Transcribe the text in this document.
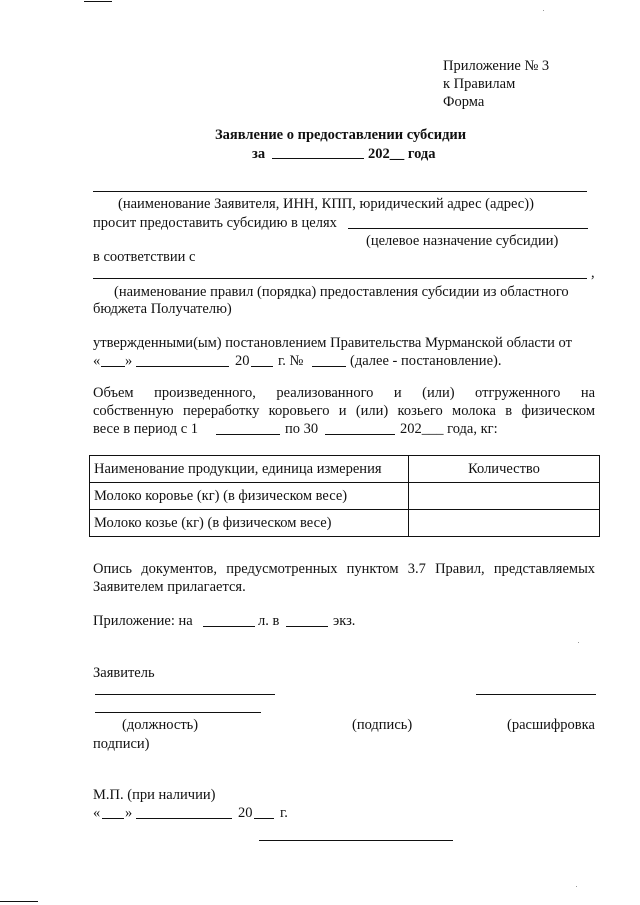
Приложение № 3
к Правилам
Форма
Заявление о предоставлении субсидии
за	202__ года
(наименование Заявителя, ИНН, КПП, юридический адрес (адрес))
просит предоставить субсидию в целях
(целевое назначение субсидии)
в соответствии с
,
(наименование правил (порядка) предоставления субсидии из областного
бюджета Получателю)
утвержденными(ым) постановлением Правительства Мурманской области от
« »	20 г. №	(далее - постановление).
Объем произведенного, реализованного и (или) отгруженного на
собственную переработку коровьего и (или) козьего молока в физическом
весе в период с 1	по 30	202___ года, кг:
Наименование продукции, единица измерения	Количество
Молоко коровье (кг) (в физическом весе)	
Молоко козье (кг) (в физическом весе)	
Опись документов, предусмотренных пунктом 3.7 Правил, представляемых
Заявителем прилагается.
Приложение: на	л. в	экз.
Заявитель
(должность)	(подпись)	(расшифровка
подписи)
М.П. (при наличии)
« »	20 г.
